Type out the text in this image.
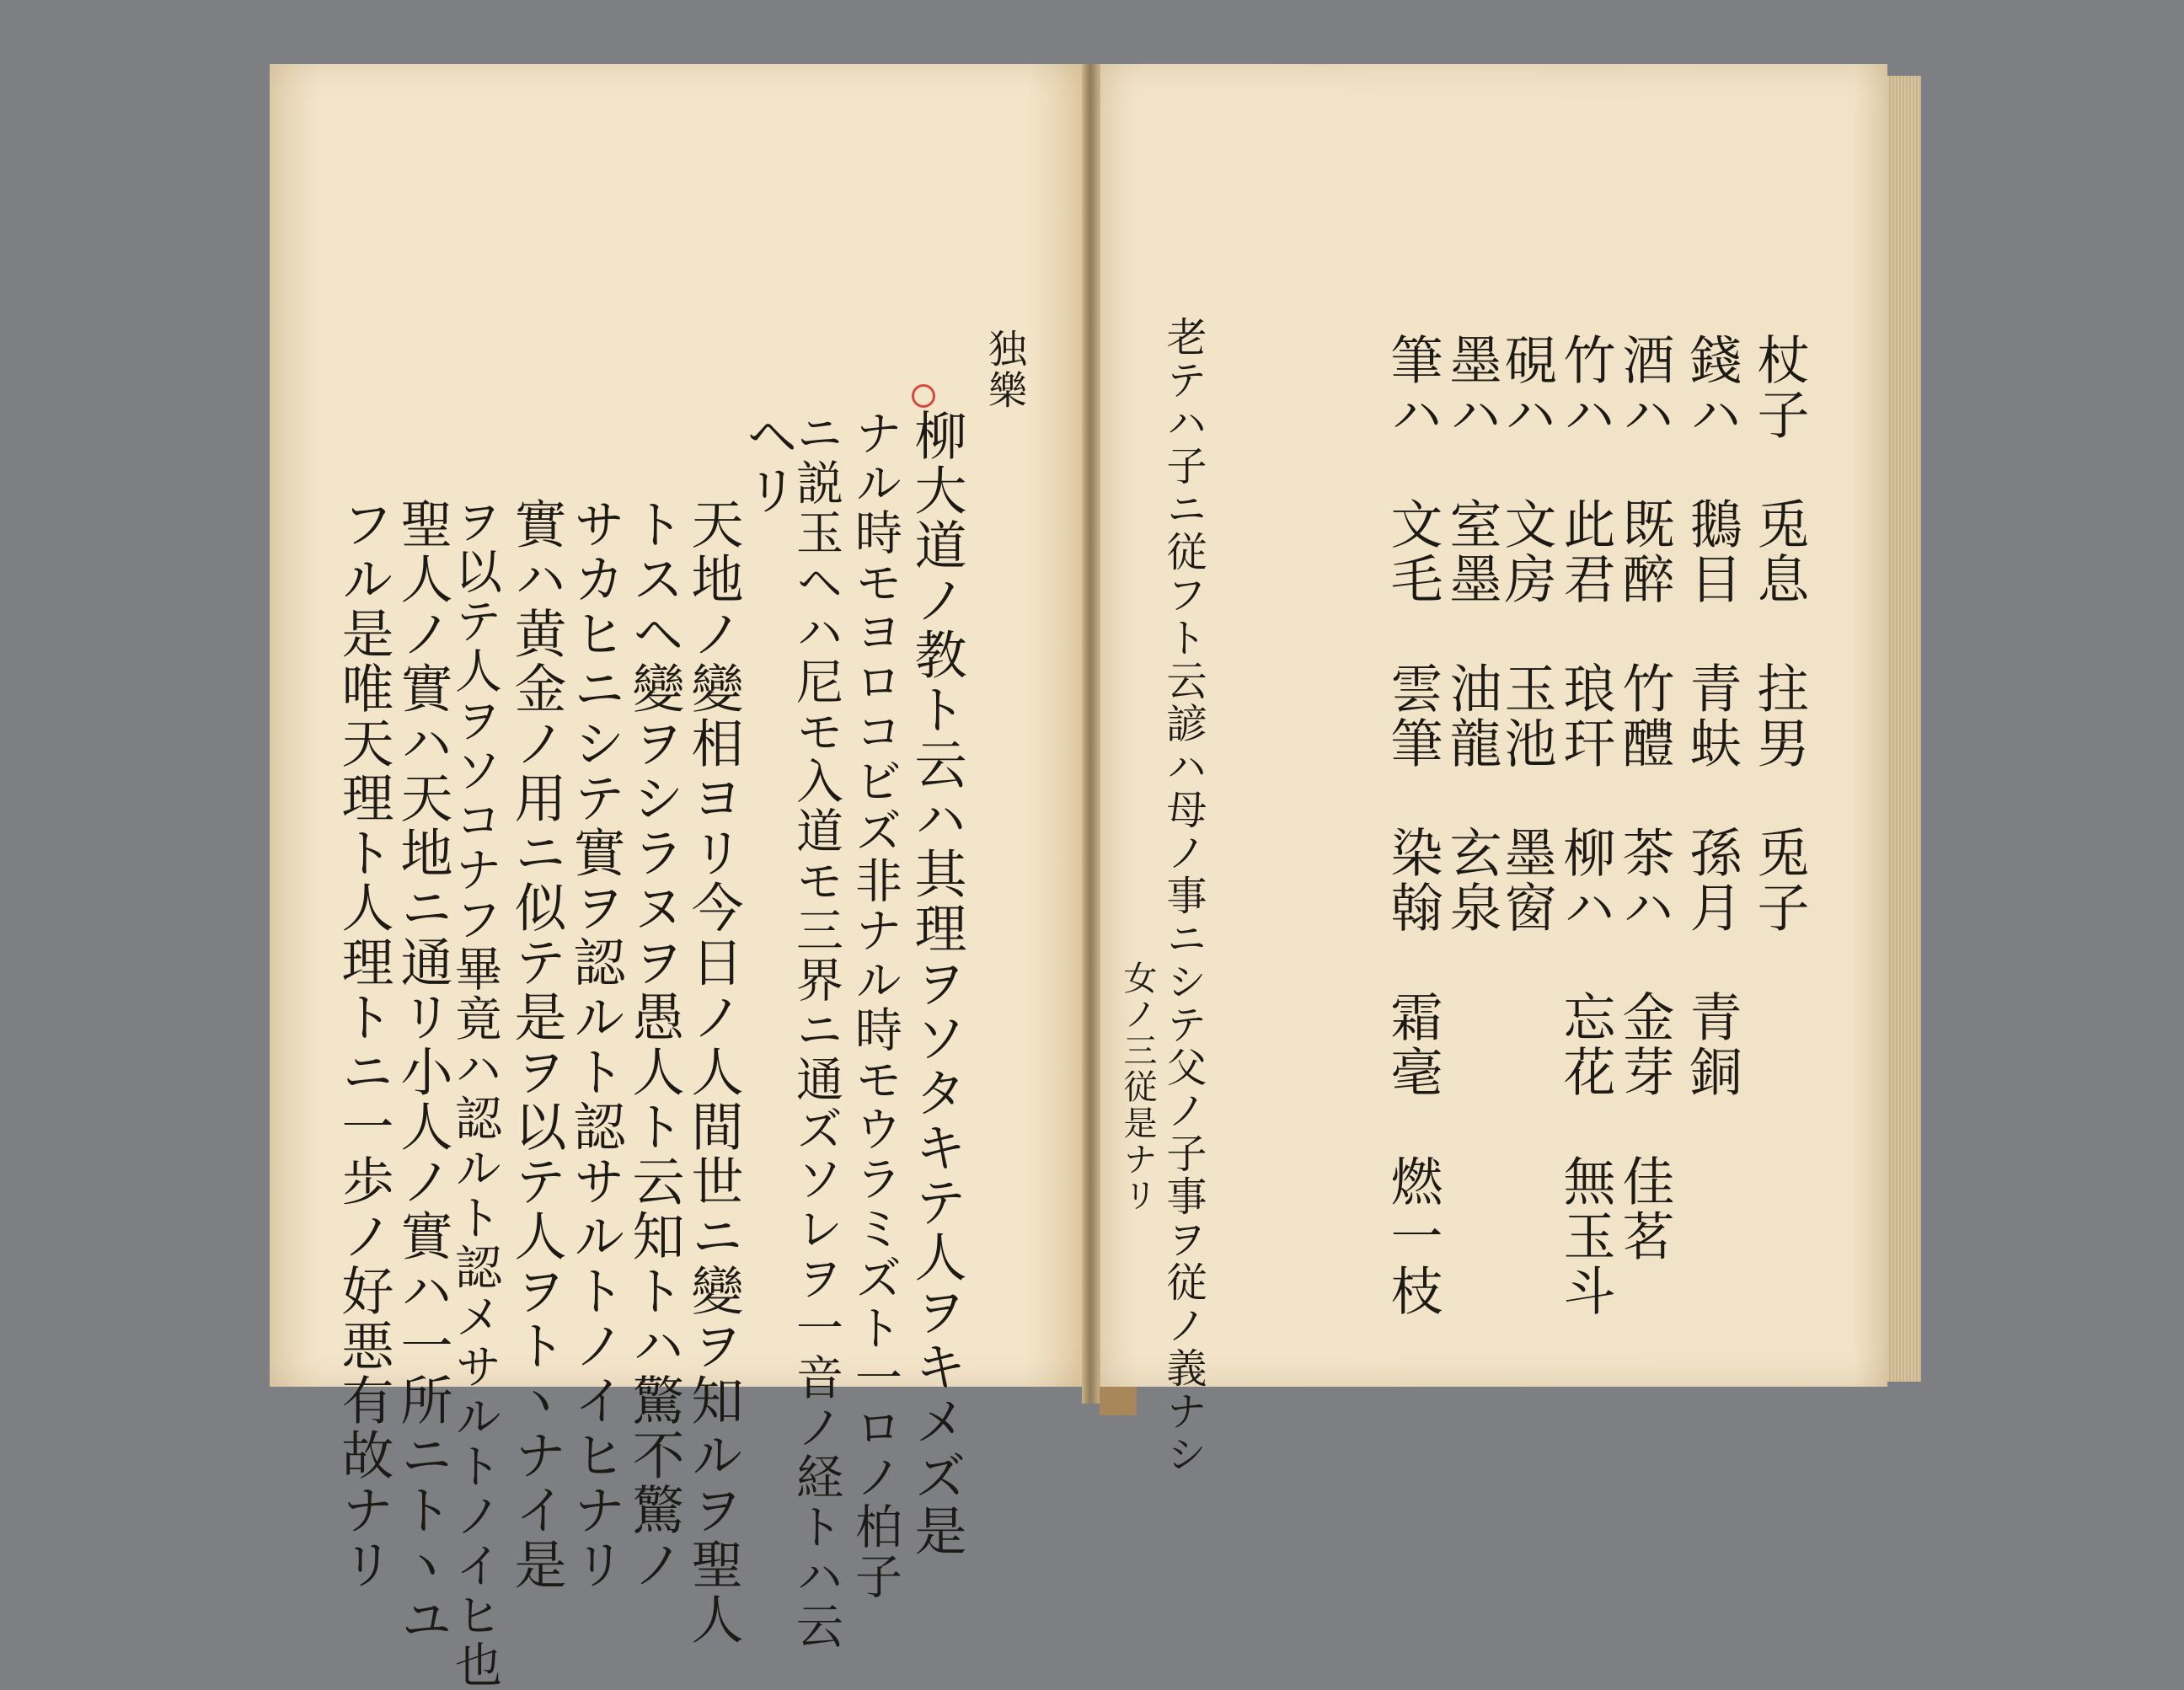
独樂
柳大道ノ教ト云ハ其理ヲソタキテ人ヲキメズ是
ナル時モヨロコビズ非ナル時モウラミズト一ロノ柏子
ニ説玉ヘハ尼モ入道モ三界ニ通ズソレヲ一音ノ経トハ云
ヘリ
天地ノ變相ヨリ今日ノ人間世ニ變ヲ知ルヲ聖人
トスヘ變ヲシラヌヲ愚人ト云知トハ驚不驚ノ
サカヒニシテ實ヲ認ルト認サルトノイヒナリ
實ハ黄金ノ用ニ似テ是ヲ以テ人ヲトヽナイ是
ヲ以テ人ヲソコナフ畢竟ハ認ルト認メサルトノイヒ也
聖人ノ實ハ天地ニ通リ小人ノ實ハ一所ニトヽユ
フル是唯天理ト人理トニ一歩ノ好悪有故ナリ	杖子　兎息　拄男　兎子
錢ハ　鵝目　青蚨　孫月　青銅
酒ハ　既醉　竹醴　茶ハ　金芽　佳茗
竹ハ　此君　琅玕　柳ハ　忘花　無玉斗
硯ハ　文房　玉池　墨窗
墨ハ　室墨　油龍　玄泉
筆ハ　文毛　雲筆　染翰　霜毫　燃一枝
老テハ子ニ従フト云諺ハ母ノ事ニシテ父ノ子事ヲ従ノ義ナシ
女ノ三従是ナリ
